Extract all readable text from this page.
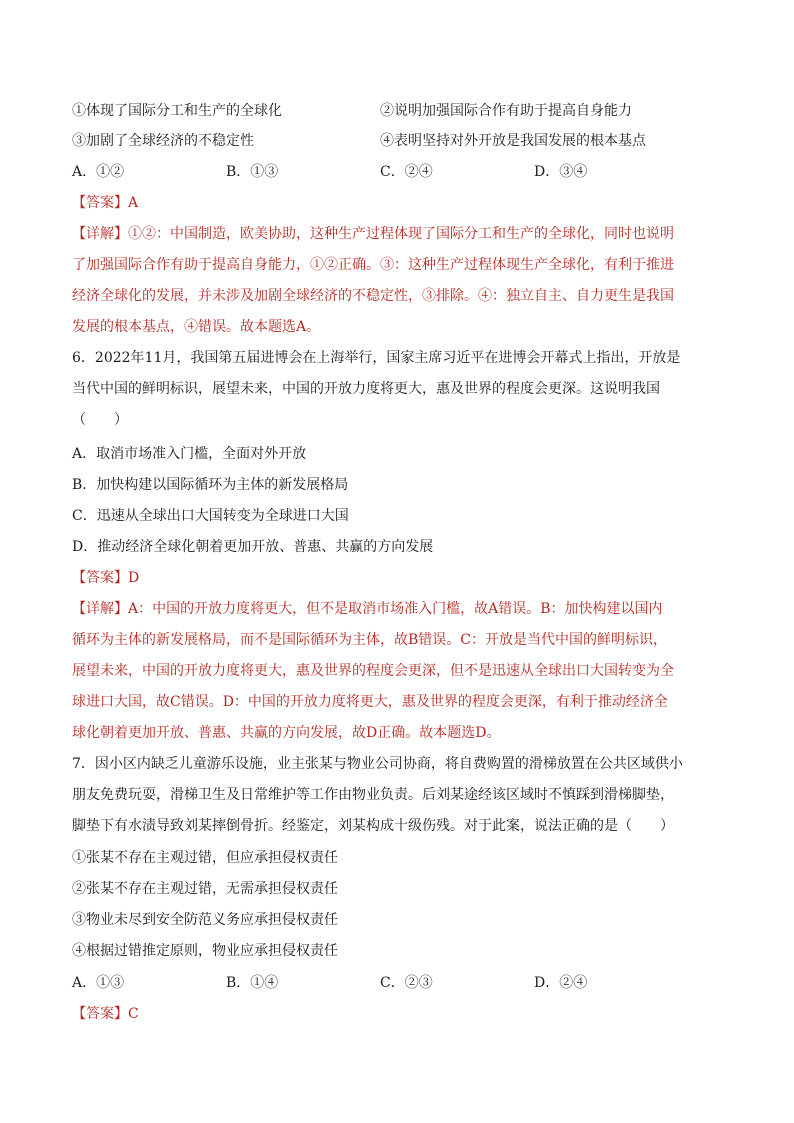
①体现了国际分工和生产的全球化	②说明加强国际合作有助于提高自身能力
③加剧了全球经济的不稳定性	④表明坚持对外开放是我国发展的根本基点
A．①②	B．①③	C．②④	D．③④
【答案】A
【详解】①②：中国制造，欧美协助，这种生产过程体现了国际分工和生产的全球化，同时也说明
了加强国际合作有助于提高自身能力，①②正确。③：这种生产过程体现生产全球化，有利于推进
经济全球化的发展，并未涉及加剧全球经济的不稳定性，③排除。④：独立自主、自力更生是我国
发展的根本基点，④错误。故本题选A。
6．2022年11月，我国第五届进博会在上海举行，国家主席习近平在进博会开幕式上指出，开放是
当代中国的鲜明标识，展望未来，中国的开放力度将更大，惠及世界的程度会更深。这说明我国
（　　）
A．取消市场准入门槛，全面对外开放
B．加快构建以国际循环为主体的新发展格局
C．迅速从全球出口大国转变为全球进口大国
D．推动经济全球化朝着更加开放、普惠、共赢的方向发展
【答案】D
【详解】A：中国的开放力度将更大，但不是取消市场准入门槛，故A错误。B：加快构建以国内
循环为主体的新发展格局，而不是国际循环为主体，故B错误。C：开放是当代中国的鲜明标识，
展望未来，中国的开放力度将更大，惠及世界的程度会更深，但不是迅速从全球出口大国转变为全
球进口大国，故C错误。D：中国的开放力度将更大，惠及世界的程度会更深，有利于推动经济全
球化朝着更加开放、普惠、共赢的方向发展，故D正确。故本题选D。
7．因小区内缺乏儿童游乐设施，业主张某与物业公司协商，将自费购置的滑梯放置在公共区域供小
朋友免费玩耍，滑梯卫生及日常维护等工作由物业负责。后刘某途经该区域时不慎踩到滑梯脚垫，
脚垫下有水渍导致刘某摔倒骨折。经鉴定，刘某构成十级伤残。对于此案，说法正确的是（　　）
①张某不存在主观过错，但应承担侵权责任
②张某不存在主观过错，无需承担侵权责任
③物业未尽到安全防范义务应承担侵权责任
④根据过错推定原则，物业应承担侵权责任
A．①③	B．①④	C．②③	D．②④
【答案】C
